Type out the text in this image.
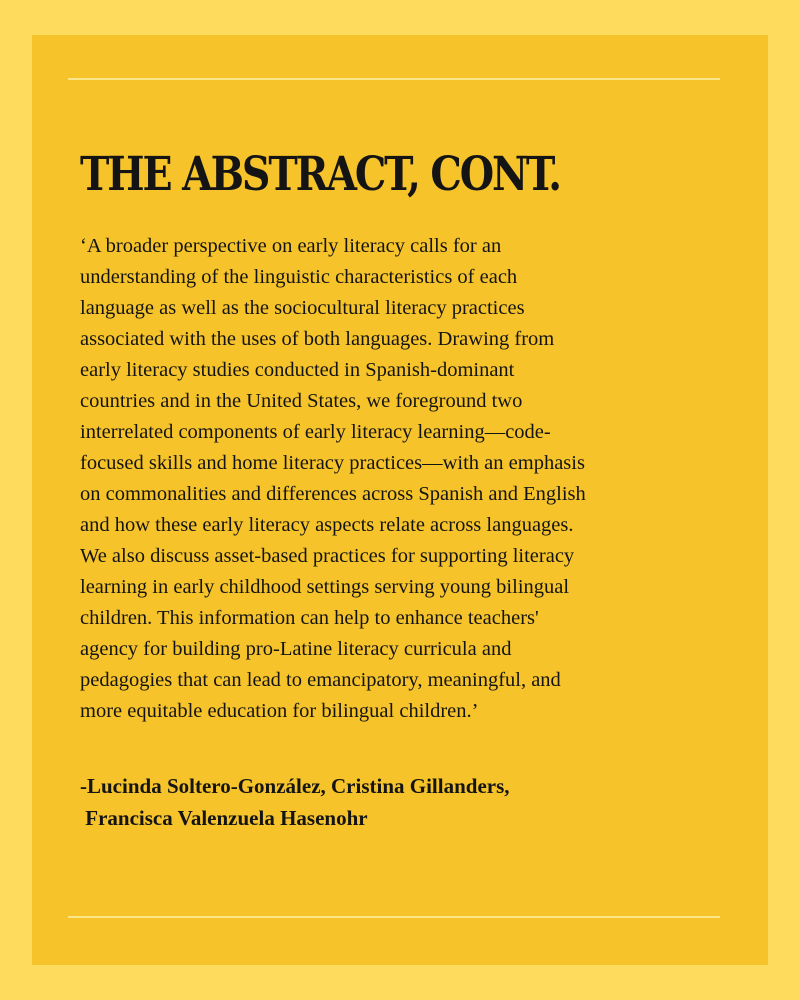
THE ABSTRACT, CONT.

‘A broader perspective on early literacy calls for an
understanding of the linguistic characteristics of each
language as well as the sociocultural literacy practices
associated with the uses of both languages. Drawing from
early literacy studies conducted in Spanish-dominant
countries and in the United States, we foreground two
interrelated components of early literacy learning—code-
focused skills and home literacy practices—with an emphasis
on commonalities and differences across Spanish and English
and how these early literacy aspects relate across languages.
We also discuss asset-based practices for supporting literacy
learning in early childhood settings serving young bilingual
children. This information can help to enhance teachers'
agency for building pro-Latine literacy curricula and
pedagogies that can lead to emancipatory, meaningful, and
more equitable education for bilingual children.’

-Lucinda Soltero-González, Cristina Gillanders,
Francisca Valenzuela Hasenohr
